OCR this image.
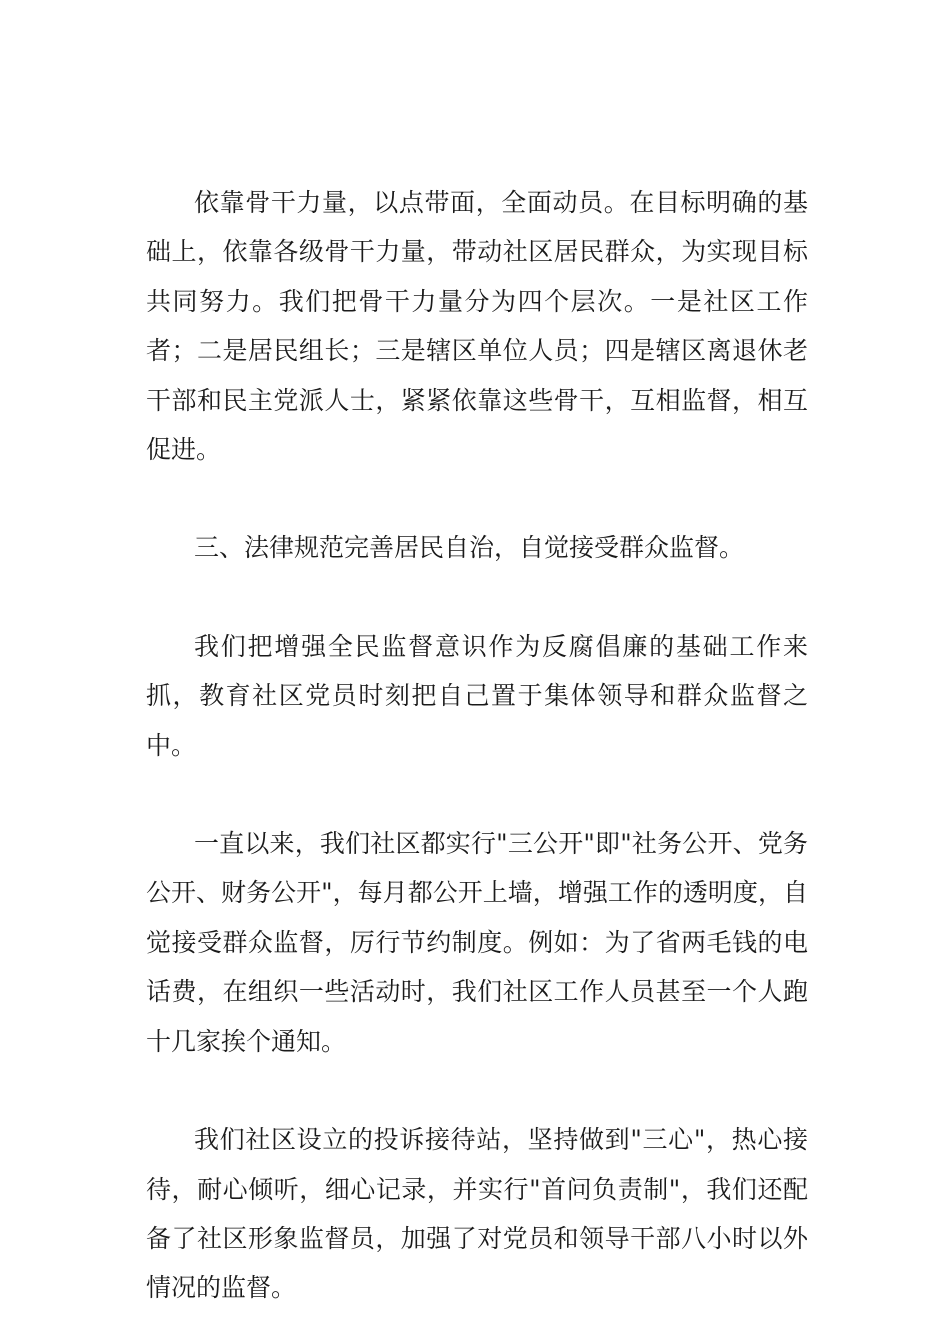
依靠骨干力量，以点带面，全面动员。在目标明确的基础上，依靠各级骨干力量，带动社区居民群众，为实现目标共同努力。我们把骨干力量分为四个层次。一是社区工作者；二是居民组长；三是辖区单位人员；四是辖区离退休老干部和民主党派人士，紧紧依靠这些骨干，互相监督，相互促进。

三、法律规范完善居民自治，自觉接受群众监督。

我们把增强全民监督意识作为反腐倡廉的基础工作来抓，教育社区党员时刻把自己置于集体领导和群众监督之中。

一直以来，我们社区都实行"三公开"即"社务公开、党务公开、财务公开"，每月都公开上墙，增强工作的透明度，自觉接受群众监督，厉行节约制度。例如：为了省两毛钱的电话费，在组织一些活动时，我们社区工作人员甚至一个人跑十几家挨个通知。

我们社区设立的投诉接待站，坚持做到"三心"，热心接待，耐心倾听，细心记录，并实行"首问负责制"，我们还配备了社区形象监督员，加强了对党员和领导干部八小时以外情况的监督。
